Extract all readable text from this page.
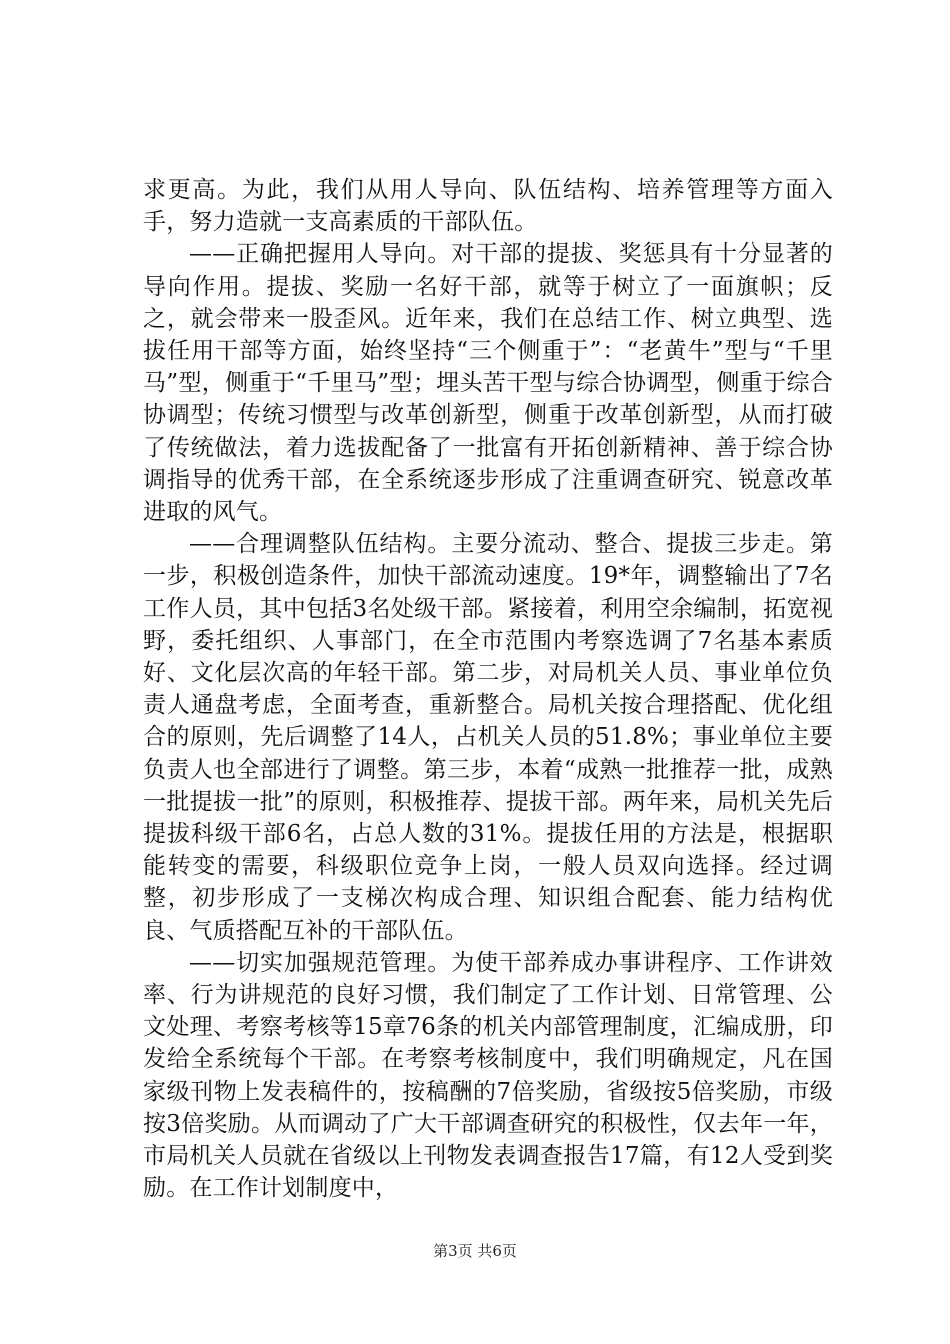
求更高。为此，我们从用人导向、队伍结构、培养管理等方面入手，努力造就一支高素质的干部队伍。

——正确把握用人导向。对干部的提拔、奖惩具有十分显著的导向作用。提拔、奖励一名好干部，就等于树立了一面旗帜；反之，就会带来一股歪风。近年来，我们在总结工作、树立典型、选拔任用干部等方面，始终坚持“三个侧重于”：“老黄牛”型与“千里马”型，侧重于“千里马”型；埋头苦干型与综合协调型，侧重于综合协调型；传统习惯型与改革创新型，侧重于改革创新型，从而打破了传统做法，着力选拔配备了一批富有开拓创新精神、善于综合协调指导的优秀干部，在全系统逐步形成了注重调查研究、锐意改革进取的风气。

——合理调整队伍结构。主要分流动、整合、提拔三步走。第一步，积极创造条件，加快干部流动速度。19*年，调整输出了7名工作人员，其中包括3名处级干部。紧接着，利用空余编制，拓宽视野，委托组织、人事部门，在全市范围内考察选调了7名基本素质好、文化层次高的年轻干部。第二步，对局机关人员、事业单位负责人通盘考虑，全面考查，重新整合。局机关按合理搭配、优化组合的原则，先后调整了14人，占机关人员的51.8%；事业单位主要负责人也全部进行了调整。第三步，本着“成熟一批推荐一批，成熟一批提拔一批”的原则，积极推荐、提拔干部。两年来，局机关先后提拔科级干部6名，占总人数的31%。提拔任用的方法是，根据职能转变的需要，科级职位竞争上岗，一般人员双向选择。经过调整，初步形成了一支梯次构成合理、知识组合配套、能力结构优良、气质搭配互补的干部队伍。

——切实加强规范管理。为使干部养成办事讲程序、工作讲效率、行为讲规范的良好习惯，我们制定了工作计划、日常管理、公文处理、考察考核等15章76条的机关内部管理制度，汇编成册，印发给全系统每个干部。在考察考核制度中，我们明确规定，凡在国家级刊物上发表稿件的，按稿酬的7倍奖励，省级按5倍奖励，市级按3倍奖励。从而调动了广大干部调查研究的积极性，仅去年一年，市局机关人员就在省级以上刊物发表调查报告17篇，有12人受到奖励。在工作计划制度中，

第3页 共6页
